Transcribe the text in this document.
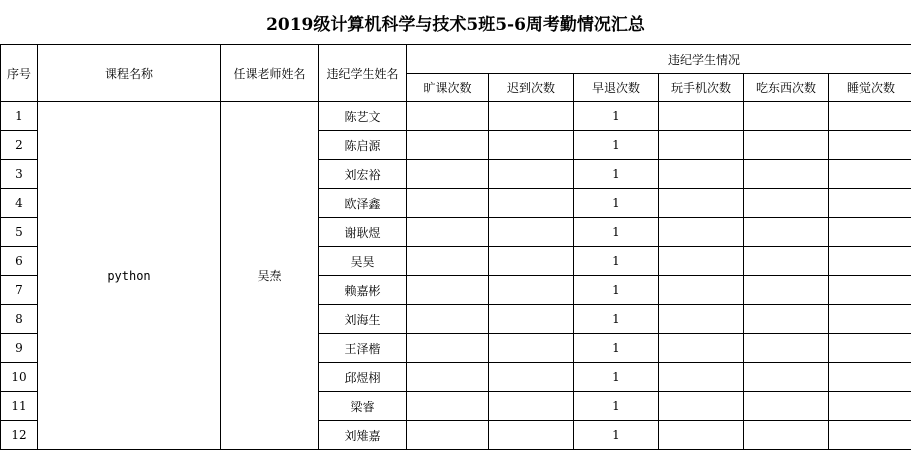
2019级计算机科学与技术5班5-6周考勤情况汇总
序号	课程名称	任课老师姓名	违纪学生姓名	违纪学生情况						
				旷课次数	迟到次数	早退次数	玩手机次数	吃东西次数	睡觉次数	
1	python	吴焘	陈艺文			1				
2			陈启源			1				
3			刘宏裕			1				
4			欧泽鑫			1				
5			谢耿煜			1				
6			吴昊			1				
7			赖嘉彬			1				
8			刘海生			1				
9			王泽楷			1				
10			邱煜栩			1				
11			梁睿			1				
12			刘雉嘉			1				
